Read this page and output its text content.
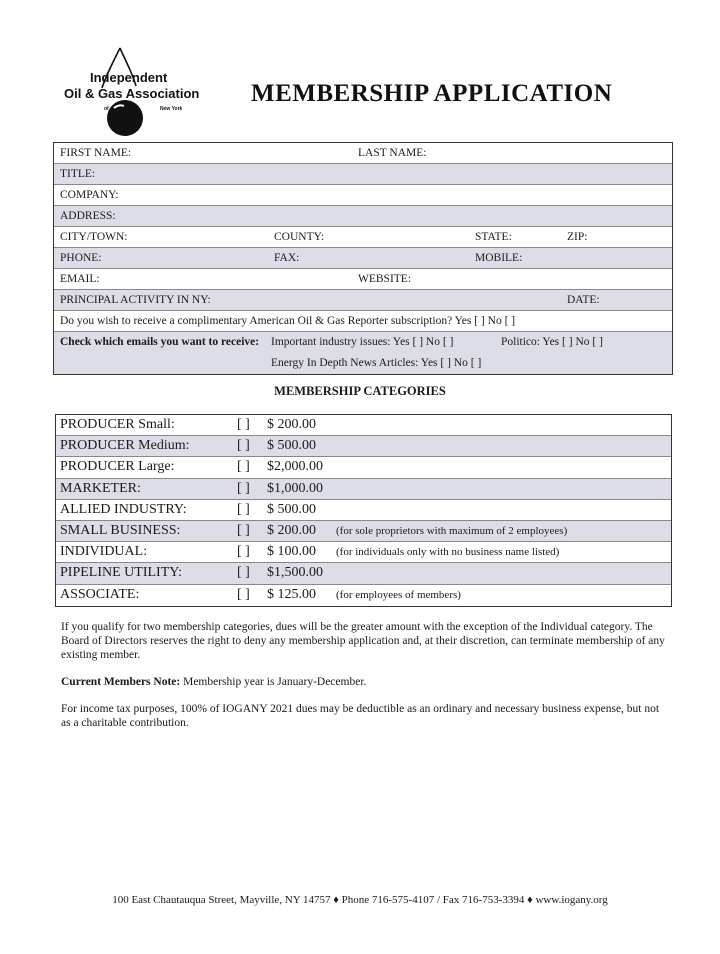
Independent
Oil & Gas Association
of	New York
MEMBERSHIP APPLICATION
FIRST NAME:	LAST NAME:
TITLE:
COMPANY:
ADDRESS:
CITY/TOWN:	COUNTY:	STATE:	ZIP:
PHONE:	FAX:	MOBILE:
EMAIL:	WEBSITE:
PRINCIPAL ACTIVITY IN NY:	DATE:
Do you wish to receive a complimentary American Oil & Gas Reporter subscription? Yes [ ] No [ ]
Check which emails you want to receive: Important industry issues: Yes [ ] No [ ]	Politico: Yes [ ] No [ ]
Energy In Depth News Articles: Yes [ ] No [ ]
MEMBERSHIP CATEGORIES
PRODUCER Small:	[ ] $ 200.00
PRODUCER Medium:	[ ] $ 500.00
PRODUCER Large:	[ ] $2,000.00
MARKETER:	[ ] $1,000.00
ALLIED INDUSTRY:	[ ] $ 500.00
SMALL BUSINESS:	[ ] $ 200.00 (for sole proprietors with maximum of 2 employees)
INDIVIDUAL:	[ ] $ 100.00 (for individuals only with no business name listed)
PIPELINE UTILITY:	[ ] $1,500.00
ASSOCIATE:	[ ] $ 125.00 (for employees of members)
If you qualify for two membership categories, dues will be the greater amount with the exception of the Individual category. The Board of Directors reserves the right to deny any membership application and, at their discretion, can terminate membership of any existing member.
Current Members Note: Membership year is January-December.
For income tax purposes, 100% of IOGANY 2021 dues may be deductible as an ordinary and necessary business expense, but not as a charitable contribution.
100 East Chautauqua Street, Mayville, NY 14757 ♦ Phone 716-575-4107 / Fax 716-753-3394 ♦ www.iogany.org
